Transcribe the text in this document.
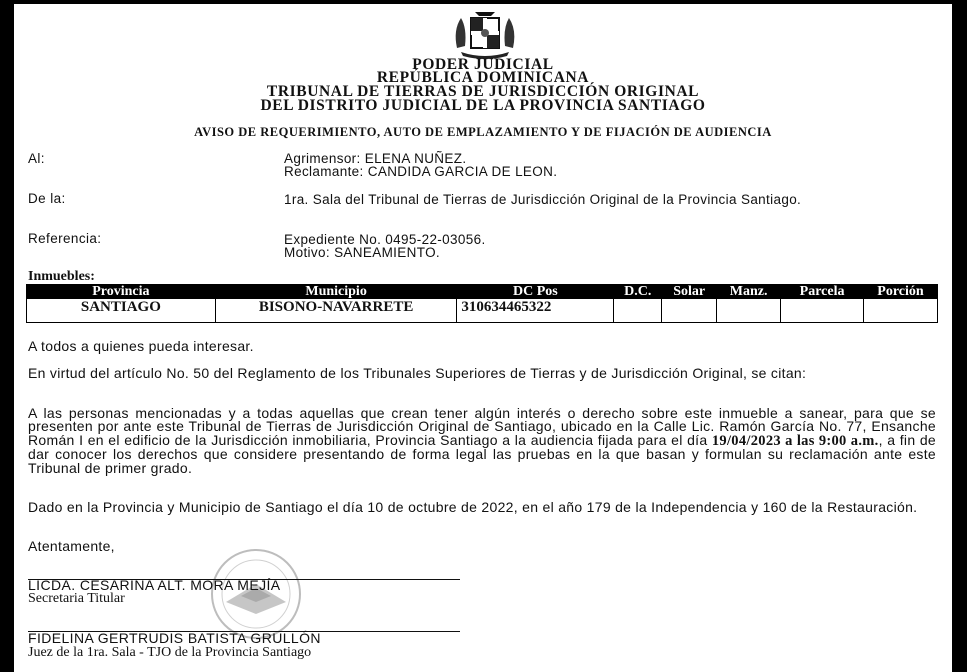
PODER JUDICIAL
REPÚBLICA DOMINICANA
TRIBUNAL DE TIERRAS DE JURISDICCIÓN ORIGINAL
DEL DISTRITO JUDICIAL DE LA PROVINCIA SANTIAGO
AVISO DE REQUERIMIENTO, AUTO DE EMPLAZAMIENTO Y DE FIJACIÓN DE AUDIENCIA
Al:	Agrimensor: ELENA NUÑEZ.
Reclamante: CANDIDA GARCIA DE LEON.
De la:	1ra. Sala del Tribunal de Tierras de Jurisdicción Original de la Provincia Santiago.
Referencia:	Expediente No. 0495-22-03056.
Motivo: SANEAMIENTO.
Inmuebles:
Provincia	Municipio	DC Pos	D.C.	Solar	Manz.	Parcela	Porción
SANTIAGO	BISONO-NAVARRETE	310634465322					
A todos a quienes pueda interesar.
En virtud del artículo No. 50 del Reglamento de los Tribunales Superiores de Tierras y de Jurisdicción Original, se citan:
A las personas mencionadas y a todas aquellas que crean tener algún interés o derecho sobre este inmueble a sanear, para que se presenten por ante este Tribunal de Tierras de Jurisdicción Original de Santiago, ubicado en la Calle Lic. Ramón García No. 77, Ensanche Román I en el edificio de la Jurisdicción inmobiliaria, Provincia Santiago a la audiencia fijada para el día 19/04/2023 a las 9:00 a.m., a fin de dar conocer los derechos que considere presentando de forma legal las pruebas en la que basan y formulan su reclamación ante este Tribunal de primer grado.
Dado en la Provincia y Municipio de Santiago el día 10 de octubre de 2022, en el año 179 de la Independencia y 160 de la Restauración.
Atentamente,
LICDA. CESARINA ALT. MORA MEJÍA
Secretaria Titular
FIDELINA GERTRUDIS BATISTA GRULLÓN
Juez de la 1ra. Sala - TJO de la Provincia Santiago
